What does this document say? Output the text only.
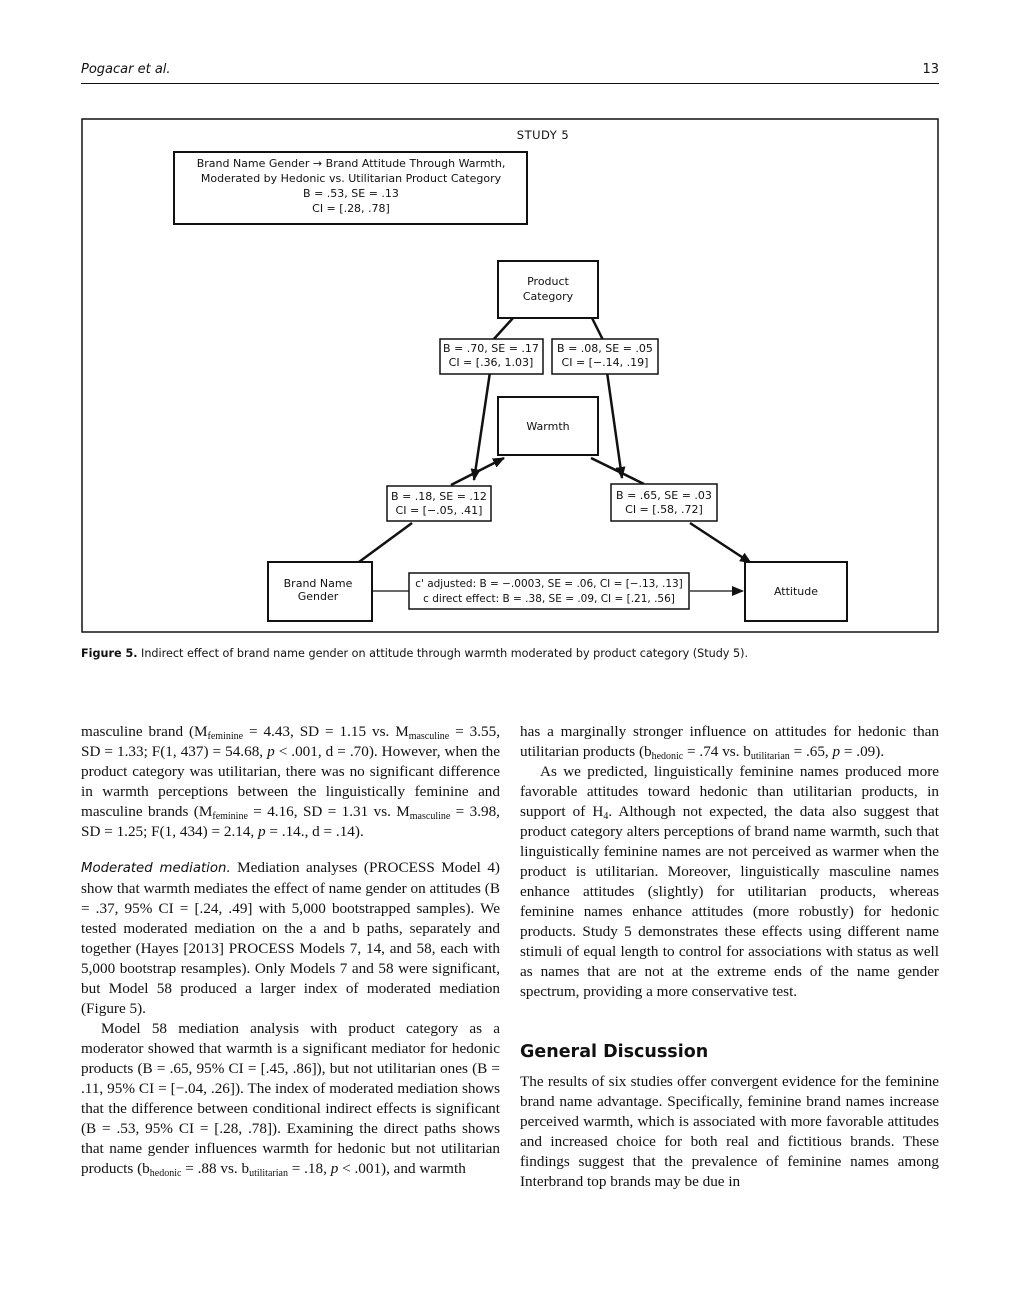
Pogacar et al.	13
STUDY 5
Brand Name Gender → Brand Attitude Through Warmth,
Moderated by Hedonic vs. Utilitarian Product Category
B = .53, SE = .13
CI = [.28, .78]
Product
Category
B = .70, SE = .17
CI = [.36, 1.03]
B = .08, SE = .05
CI = [−.14, .19]
Warmth
B = .18, SE = .12
CI = [−.05, .41]
B = .65, SE = .03
CI = [.58, .72]
Brand Name
Gender
c' adjusted: B = −.0003, SE = .06, CI = [−.13, .13]
c direct effect: B = .38, SE = .09, CI = [.21, .56]
Attitude
Figure 5. Indirect effect of brand name gender on attitude through warmth moderated by product category (Study 5).

masculine brand ($M_{feminine} = 4.43$, SD = 1.15 vs. $M_{masculine} = 3.55$, SD = 1.33; F(1, 437) = 54.68, p < .001, d = .70). However, when the product category was utilitarian, there was no significant difference in warmth perceptions between the linguistically feminine and masculine brands ($M_{feminine} = 4.16$, SD = 1.31 vs. $M_{masculine} = 3.98$, SD = 1.25; F(1, 434) = 2.14, p = .14., d = .14).

Moderated mediation. Mediation analyses (PROCESS Model 4) show that warmth mediates the effect of name gender on attitudes (B = .37, 95% CI = [.24, .49] with 5,000 bootstrapped samples). We tested moderated mediation on the a and b paths, separately and together (Hayes [2013] PROCESS Models 7, 14, and 58, each with 5,000 bootstrap resamples). Only Models 7 and 58 were significant, but Model 58 produced a larger index of moderated mediation (Figure 5).

Model 58 mediation analysis with product category as a moderator showed that warmth is a significant mediator for hedonic products (B = .65, 95% CI = [.45, .86]), but not utilitarian ones (B = .11, 95% CI = [−.04, .26]). The index of moderated mediation shows that the difference between conditional indirect effects is significant (B = .53, 95% CI = [.28, .78]). Examining the direct paths shows that name gender influences warmth for hedonic but not utilitarian products ($b_{hedonic} = .88$ vs. $b_{utilitarian} = .18$, p < .001), and warmth

has a marginally stronger influence on attitudes for hedonic than utilitarian products ($b_{hedonic} = .74$ vs. $b_{utilitarian} = .65$, p = .09).

As we predicted, linguistically feminine names produced more favorable attitudes toward hedonic than utilitarian products, in support of $H_4$. Although not expected, the data also suggest that product category alters perceptions of brand name warmth, such that linguistically feminine names are not perceived as warmer when the product is utilitarian. Moreover, linguistically masculine names enhance attitudes (slightly) for utilitarian products, whereas feminine names enhance attitudes (more robustly) for hedonic products. Study 5 demonstrates these effects using different name stimuli of equal length to control for associations with status as well as names that are not at the extreme ends of the name gender spectrum, providing a more conservative test.

General Discussion

The results of six studies offer convergent evidence for the feminine brand name advantage. Specifically, feminine brand names increase perceived warmth, which is associated with more favorable attitudes and increased choice for both real and fictitious brands. These findings suggest that the prevalence of feminine names among Interbrand top brands may be due in
